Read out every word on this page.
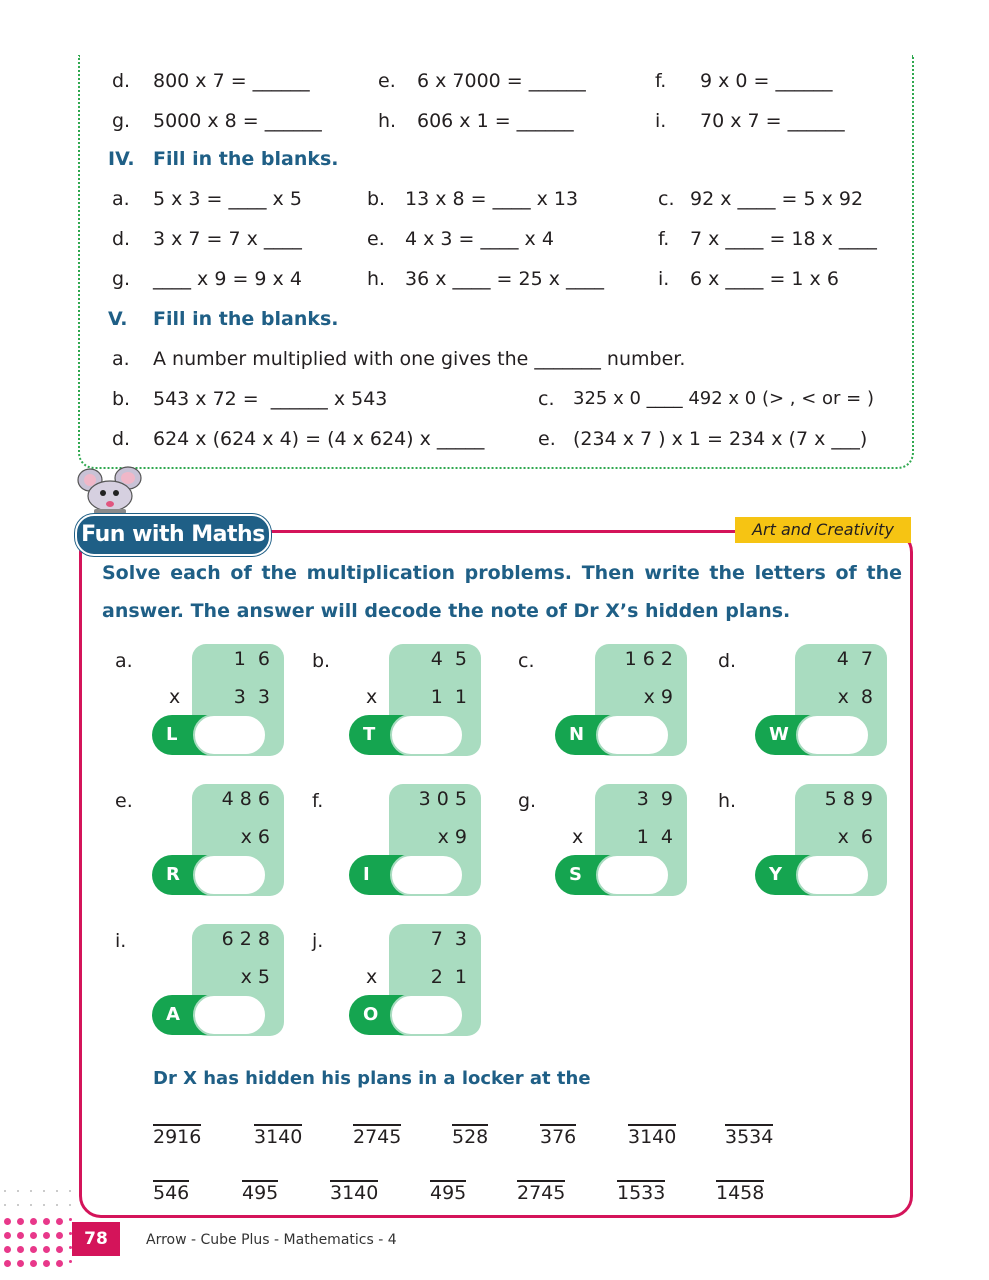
d. 800 x 7 = ______	e. 6 x 7000 = ______	f. 9 x 0 = ______
g. 5000 x 8 = ______	h. 606 x 1 = ______	i. 70 x 7 = ______
IV. Fill in the blanks.
a. 5 x 3 = ____ x 5	b. 13 x 8 = ____ x 13	c. 92 x ____ = 5 x 92
d. 3 x 7 = 7 x ____	e. 4 x 3 = ____ x 4	f. 7 x ____ = 18 x ____
g. ____ x 9 = 9 x 4	h. 36 x ____ = 25 x ____	i. 6 x ____ = 1 x 6
V. Fill in the blanks.
a. A number multiplied with one gives the _______ number.
b. 543 x 72 =  ______ x 543	c. 325 x 0 ____ 492 x 0 (> , < or = )
d. 624 x (624 x 4) = (4 x 624) x _____	e. (234 x 7 ) x 1 = 234 x (7 x ___)
Fun with Maths	Art and Creativity
Solve each of the multiplication problems. Then write the letters of the answer. The answer will decode the note of Dr X’s hidden plans.
a.	1  6
3  3
x
L
b.	4  5
1  1
x
T
c.	1 6 2
x 9
N
d.	4  7
x  8
W
e.	4 8 6
x 6
R
f.	3 0 5
x 9
I
g.	3  9
1  4
x
S
h.	5 8 9
x  6
Y
i.	6 2 8
x 5
A
j.	7  3
2  1
x
O
Dr X has hidden his plans in a locker at the
2916	3140	2745	528	376	3140	3534
546	495	3140	495	2745	1533	1458
78	Arrow - Cube Plus - Mathematics - 4
